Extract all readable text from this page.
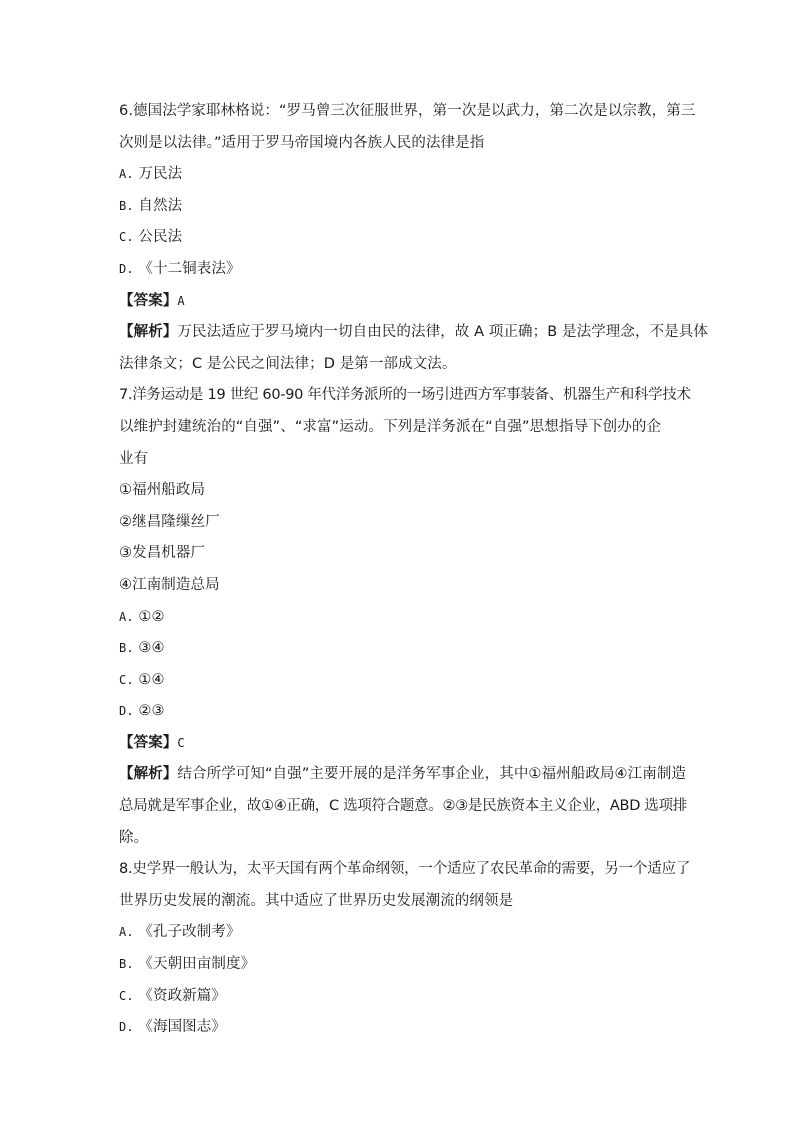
6.德国法学家耶林格说：“罗马曾三次征服世界，第一次是以武力，第二次是以宗教，第三
次则是以法律。”适用于罗马帝国境内各族人民的法律是指
A. 万民法
B. 自然法
C. 公民法
D. 《十二铜表法》
【答案】A
【解析】万民法适应于罗马境内一切自由民的法律，故 A 项正确；B 是法学理念，不是具体
法律条文；C 是公民之间法律；D 是第一部成文法。
7.洋务运动是 19 世纪 60-90 年代洋务派所的一场引进西方军事装备、机器生产和科学技术
以维护封建统治的“自强”、“求富”运动。下列是洋务派在“自强”思想指导下创办的企
业有
①福州船政局
②继昌隆缫丝厂
③发昌机器厂
④江南制造总局
A. ①②
B. ③④
C. ①④
D. ②③
【答案】C
【解析】结合所学可知“自强”主要开展的是洋务军事企业，其中①福州船政局④江南制造
总局就是军事企业，故①④正确，C 选项符合题意。②③是民族资本主义企业，ABD 选项排
除。
8.史学界一般认为，太平天国有两个革命纲领，一个适应了农民革命的需要，另一个适应了
世界历史发展的潮流。其中适应了世界历史发展潮流的纲领是
A. 《孔子改制考》
B. 《天朝田亩制度》
C. 《资政新篇》
D. 《海国图志》
